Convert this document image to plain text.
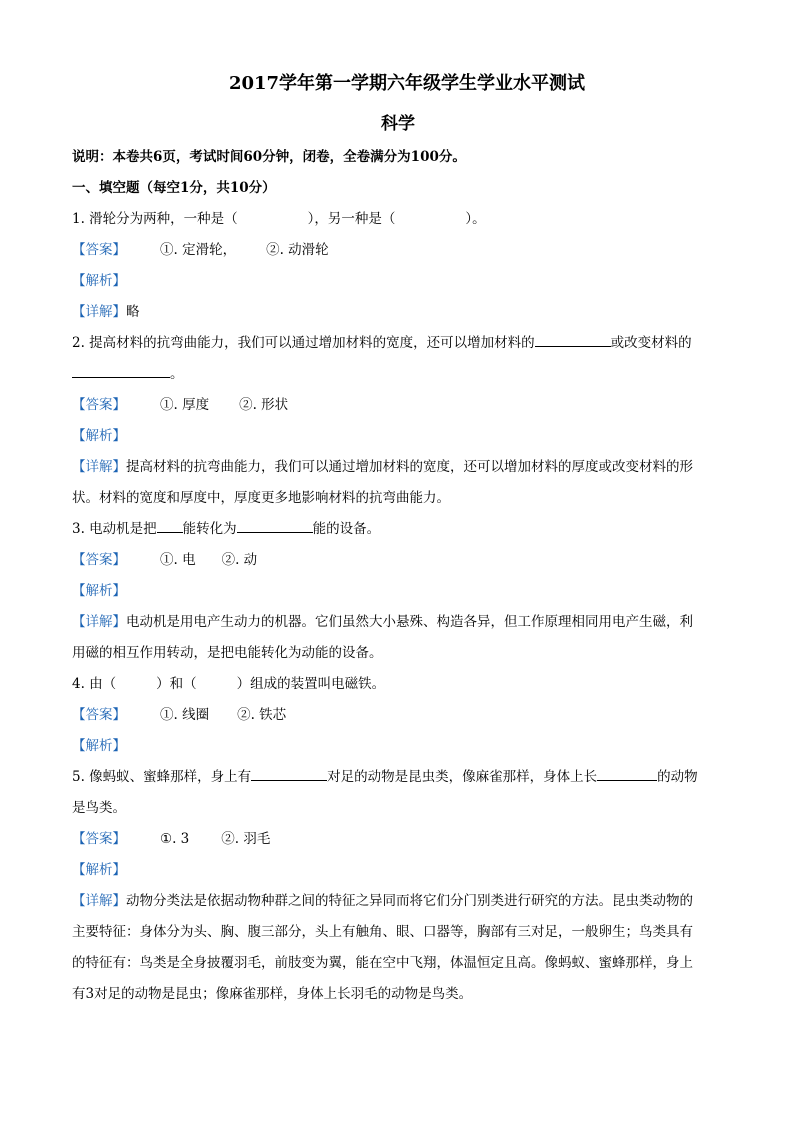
2017学年第一学期六年级学生学业水平测试
科学
说明：本卷共6页，考试时间60分钟，闭卷，全卷满分为100分。
一、填空题（每空1分，共10分）
1. 滑轮分为两种，一种是（	），另一种是（	）。
【答案】	①. 定滑轮， ②. 动滑轮
【解析】
【详解】略
2. 提高材料的抗弯曲能力，我们可以通过增加材料的宽度，还可以增加材料的	或改变材料的
。
【答案】	①. 厚度 ②. 形状
【解析】
【详解】提高材料的抗弯曲能力，我们可以通过增加材料的宽度，还可以增加材料的厚度或改变材料的形
状。材料的宽度和厚度中，厚度更多地影响材料的抗弯曲能力。
3. 电动机是把 能转化为	能的设备。
【答案】	①. 电 ②. 动
【解析】
【详解】电动机是用电产生动力的机器。它们虽然大小悬殊、构造各异，但工作原理相同用电产生磁，利
用磁的相互作用转动，是把电能转化为动能的设备。
4. 由（	）和（	）组成的装置叫电磁铁。
【答案】	①. 线圈 ②. 铁芯
【解析】
5. 像蚂蚁、蜜蜂那样，身上有	对足的动物是昆虫类，像麻雀那样，身体上长	的动物
是鸟类。
【答案】	①. 3 ②. 羽毛
【解析】
【详解】动物分类法是依据动物种群之间的特征之异同而将它们分门别类进行研究的方法。昆虫类动物的
主要特征：身体分为头、胸、腹三部分，头上有触角、眼、口器等，胸部有三对足，一般卵生；鸟类具有
的特征有：鸟类是全身披覆羽毛，前肢变为翼，能在空中飞翔，体温恒定且高。像蚂蚁、蜜蜂那样，身上
有3对足的动物是昆虫；像麻雀那样，身体上长羽毛的动物是鸟类。
